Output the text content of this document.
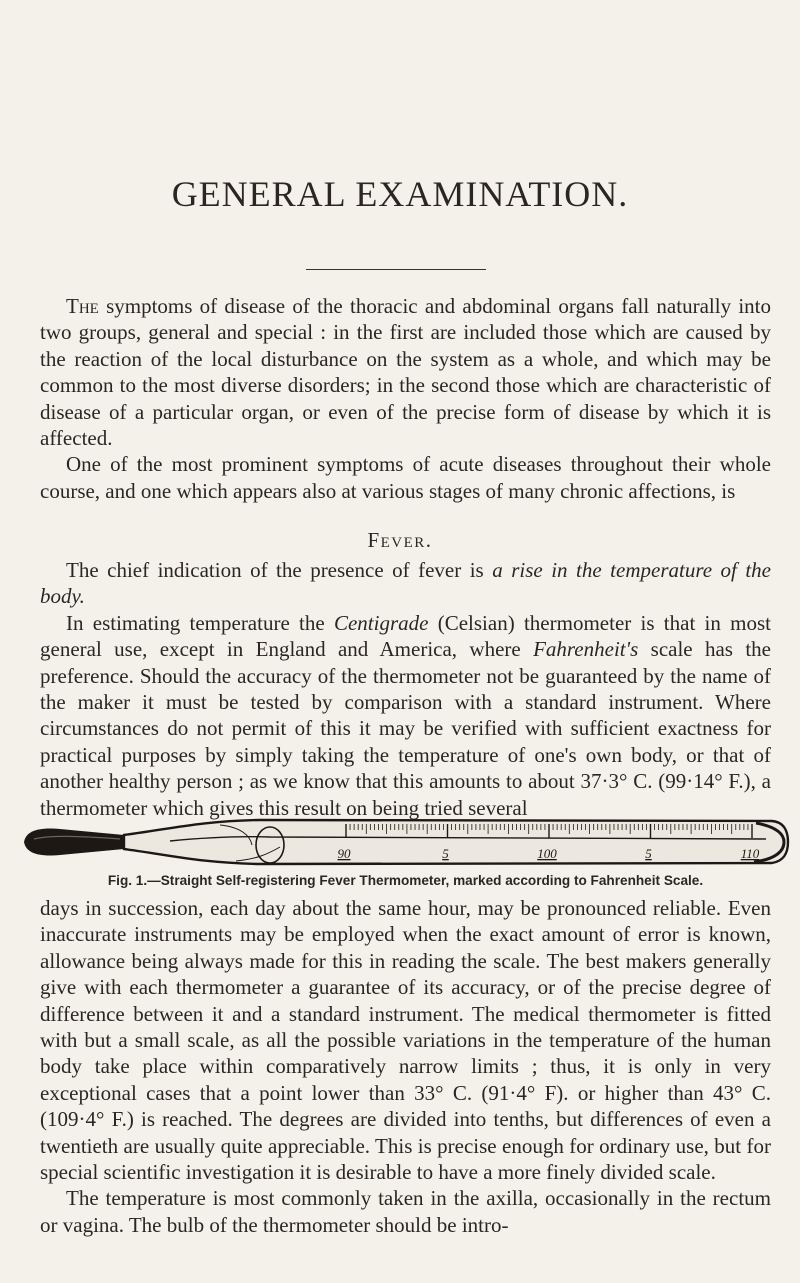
GENERAL EXAMINATION.

The symptoms of disease of the thoracic and abdominal organs fall naturally into two groups, general and special : in the first are included those which are caused by the reaction of the local disturbance on the system as a whole, and which may be common to the most diverse disorders; in the second those which are characteristic of disease of a particular organ, or even of the precise form of disease by which it is affected.

One of the most prominent symptoms of acute diseases throughout their whole course, and one which appears also at various stages of many chronic affections, is

Fever.

The chief indication of the presence of fever is a rise in the temperature of the body.

In estimating temperature the Centigrade (Celsian) thermometer is that in most general use, except in England and America, where Fahrenheit's scale has the preference. Should the accuracy of the thermometer not be guaranteed by the name of the maker it must be tested by comparison with a standard instrument. Where circumstances do not permit of this it may be verified with sufficient exactness for practical purposes by simply taking the temperature of one's own body, or that of another healthy person ; as we know that this amounts to about 37·3° C. (99·14° F.), a thermometer which gives this result on being tried several

90	5	100	5	110
Fig. 1.—Straight Self-registering Fever Thermometer, marked according to Fahrenheit Scale.

days in succession, each day about the same hour, may be pronounced reliable. Even inaccurate instruments may be employed when the exact amount of error is known, allowance being always made for this in reading the scale. The best makers generally give with each thermometer a guarantee of its accuracy, or of the precise degree of difference between it and a standard instrument. The medical thermometer is fitted with but a small scale, as all the possible variations in the temperature of the human body take place within comparatively narrow limits ; thus, it is only in very exceptional cases that a point lower than 33° C. (91·4° F). or higher than 43° C. (109·4° F.) is reached. The degrees are divided into tenths, but differences of even a twentieth are usually quite appreciable. This is precise enough for ordinary use, but for special scientific investigation it is desirable to have a more finely divided scale.

The temperature is most commonly taken in the axilla, occasionally in the rectum or vagina. The bulb of the thermometer should be intro-
